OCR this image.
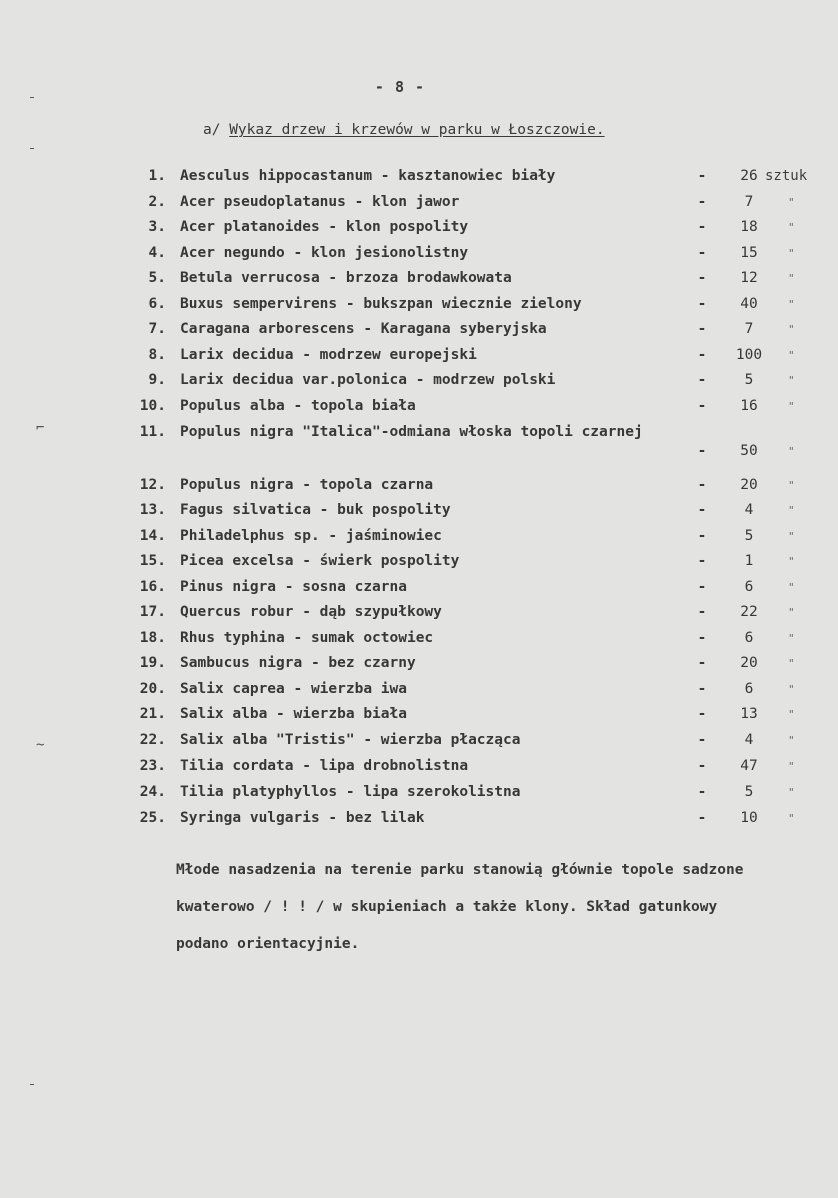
⌐
~
- 8 -
a/ Wykaz drzew i krzewów w parku w Łoszczowie.
1. Aesculus hippocastanum - kasztanowiec biały	-	26 sztuk
2. Acer pseudoplatanus - klon jawor	-	7	"
3. Acer platanoides - klon pospolity	-	18	"
4. Acer negundo - klon jesionolistny	-	15	"
5. Betula verrucosa - brzoza brodawkowata	-	12	"
6. Buxus sempervirens - bukszpan wiecznie zielony	-	40	"
7. Caragana arborescens - Karagana syberyjska	-	7	"
8. Larix decidua - modrzew europejski	-	100	"
9. Larix decidua var.polonica - modrzew polski	-	5	"
10. Populus alba - topola biała	-	16	"
11. Populus nigra "Italica"-odmiana włoska topoli czarnej
-	50	"
12. Populus nigra - topola czarna	-	20	"
13. Fagus silvatica - buk pospolity	-	4	"
14. Philadelphus sp. - jaśminowiec	-	5	"
15. Picea excelsa - świerk pospolity	-	1	"
16. Pinus nigra - sosna czarna	-	6	"
17. Quercus robur - dąb szypułkowy	-	22	"
18. Rhus typhina - sumak octowiec	-	6	"
19. Sambucus nigra - bez czarny	-	20	"
20. Salix caprea - wierzba iwa	-	6	"
21. Salix alba - wierzba biała	-	13	"
22. Salix alba "Tristis" - wierzba płacząca	-	4	"
23. Tilia cordata - lipa drobnolistna	-	47	"
24. Tilia platyphyllos - lipa szerokolistna	-	5	"
25. Syringa vulgaris - bez lilak	-	10	"
Młode nasadzenia na terenie parku stanowią głównie topole sadzone kwaterowo / ! ! / w skupieniach a także klony. Skład gatunkowy podano orientacyjnie.
